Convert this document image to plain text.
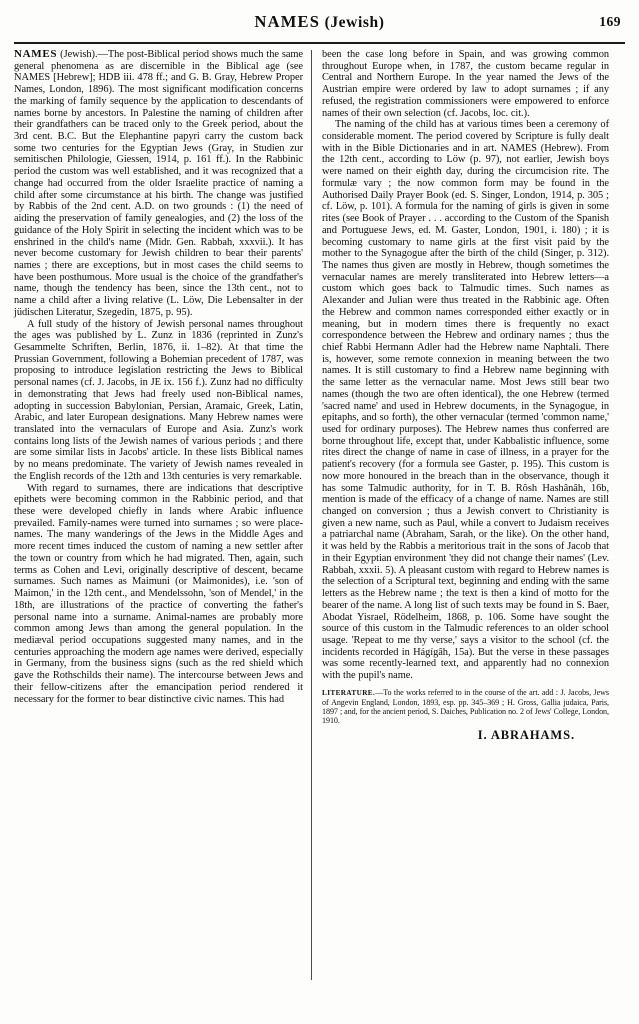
NAMES (Jewish)	169

NAMES (Jewish).—The post-Biblical period shows much the same general phenomena as are discernible in the Biblical age (see NAMES [Hebrew]; HDB iii. 478 ff.; and G. B. Gray, Hebrew Proper Names, London, 1896). The most significant modification concerns the marking of family sequence by the application to descendants of names borne by ancestors. In Palestine the naming of children after their grandfathers can be traced only to the Greek period, about the 3rd cent. B.C. But the Elephantine papyri carry the custom back some two centuries for the Egyptian Jews (Gray, in Studien zur semitischen Philologie, Giessen, 1914, p. 161 ff.). In the Rabbinic period the custom was well established, and it was recognized that a change had occurred from the older Israelite practice of naming a child after some circumstance at his birth. The change was justified by Rabbis of the 2nd cent. A.D. on two grounds : (1) the need of aiding the preservation of family genealogies, and (2) the loss of the guidance of the Holy Spirit in selecting the incident which was to be enshrined in the child's name (Midr. Gen. Rabbah, xxxvii.). It has never become customary for Jewish children to bear their parents' names ; there are exceptions, but in most cases the child seems to have been posthumous. More usual is the choice of the grandfather's name, though the tendency has been, since the 13th cent., not to name a child after a living relative (L. Löw, Die Lebensalter in der jüdischen Literatur, Szegedin, 1875, p. 95).

A full study of the history of Jewish personal names throughout the ages was published by L. Zunz in 1836 (reprinted in Zunz's Gesammelte Schriften, Berlin, 1876, ii. 1–82). At that time the Prussian Government, following a Bohemian precedent of 1787, was proposing to introduce legislation restricting the Jews to Biblical personal names (cf. J. Jacobs, in JE ix. 156 f.). Zunz had no difficulty in demonstrating that Jews had freely used non-Biblical names, adopting in succession Babylonian, Persian, Aramaic, Greek, Latin, Arabic, and later European designations. Many Hebrew names were translated into the vernaculars of Europe and Asia. Zunz's work contains long lists of the Jewish names of various periods ; and there are some similar lists in Jacobs' article. In these lists Biblical names by no means predominate. The variety of Jewish names revealed in the English records of the 12th and 13th centuries is very remarkable.

With regard to surnames, there are indications that descriptive epithets were becoming common in the Rabbinic period, and that these were developed chiefly in lands where Arabic influence prevailed. Family-names were turned into surnames ; so were place-names. The many wanderings of the Jews in the Middle Ages and more recent times induced the custom of naming a new settler after the town or country from which he had migrated. Then, again, such terms as Cohen and Levi, originally descriptive of descent, became surnames. Such names as Maimuni (or Maimonides), i.e. 'son of Maimon,' in the 12th cent., and Mendelssohn, 'son of Mendel,' in the 18th, are illustrations of the practice of converting the father's personal name into a surname. Animal-names are probably more common among Jews than among the general population. In the mediæval period occupations suggested many names, and in the centuries approaching the modern age names were derived, especially in Germany, from the business signs (such as the red shield which gave the Rothschilds their name). The intercourse between Jews and their fellow-citizens after the emancipation period rendered it necessary for the former to bear distinctive civic names. This had

been the case long before in Spain, and was growing common throughout Europe when, in 1787, the custom became regular in Central and Northern Europe. In the year named the Jews of the Austrian empire were ordered by law to adopt surnames ; if any refused, the registration commissioners were empowered to enforce names of their own selection (cf. Jacobs, loc. cit.).

The naming of the child has at various times been a ceremony of considerable moment. The period covered by Scripture is fully dealt with in the Bible Dictionaries and in art. NAMES (Hebrew). From the 12th cent., according to Löw (p. 97), not earlier, Jewish boys were named on their eighth day, during the circumcision rite. The formulæ vary ; the now common form may be found in the Authorised Daily Prayer Book (ed. S. Singer, London, 1914, p. 305 ; cf. Löw, p. 101). A formula for the naming of girls is given in some rites (see Book of Prayer . . . according to the Custom of the Spanish and Portuguese Jews, ed. M. Gaster, London, 1901, i. 180) ; it is becoming customary to name girls at the first visit paid by the mother to the Synagogue after the birth of the child (Singer, p. 312). The names thus given are mostly in Hebrew, though sometimes the vernacular names are merely transliterated into Hebrew letters—a custom which goes back to Talmudic times. Such names as Alexander and Julian were thus treated in the Rabbinic age. Often the Hebrew and common names corresponded either exactly or in meaning, but in modern times there is frequently no exact correspondence between the Hebrew and ordinary names ; thus the chief Rabbi Hermann Adler had the Hebrew name Naphtali. There is, however, some remote connexion in meaning between the two names. It is still customary to find a Hebrew name beginning with the same letter as the vernacular name. Most Jews still bear two names (though the two are often identical), the one Hebrew (termed 'sacred name' and used in Hebrew documents, in the Synagogue, in epitaphs, and so forth), the other vernacular (termed 'common name,' used for ordinary purposes). The Hebrew names thus conferred are borne throughout life, except that, under Kabbalistic influence, some rites direct the change of name in case of illness, in a prayer for the patient's recovery (for a formula see Gaster, p. 195). This custom is now more honoured in the breach than in the observance, though it has some Talmudic authority, for in T. B. Rôsh Hashânâh, 16b, mention is made of the efficacy of a change of name. Names are still changed on conversion ; thus a Jewish convert to Christianity is given a new name, such as Paul, while a convert to Judaism receives a patriarchal name (Abraham, Sarah, or the like). On the other hand, it was held by the Rabbis a meritorious trait in the sons of Jacob that in their Egyptian environment 'they did not change their names' (Lev. Rabbah, xxxii. 5). A pleasant custom with regard to Hebrew names is the selection of a Scriptural text, beginning and ending with the same letters as the Hebrew name ; the text is then a kind of motto for the bearer of the name. A long list of such texts may be found in S. Baer, Abodat Yisrael, Rödelheim, 1868, p. 106. Some have sought the source of this custom in the Talmudic references to an older school usage. 'Repeat to me thy verse,' says a visitor to the school (cf. the incidents recorded in Hágígâh, 15a). But the verse in these passages was some recently-learned text, and apparently had no connexion with the pupil's name.

LITERATURE.—To the works referred to in the course of the art. add : J. Jacobs, Jews of Angevin England, London, 1893, esp. pp. 345–369 ; H. Gross, Gallia judaica, Paris, 1897 ; and, for the ancient period, S. Daiches, Publication no. 2 of Jews' College, London, 1910.

I. ABRAHAMS.
